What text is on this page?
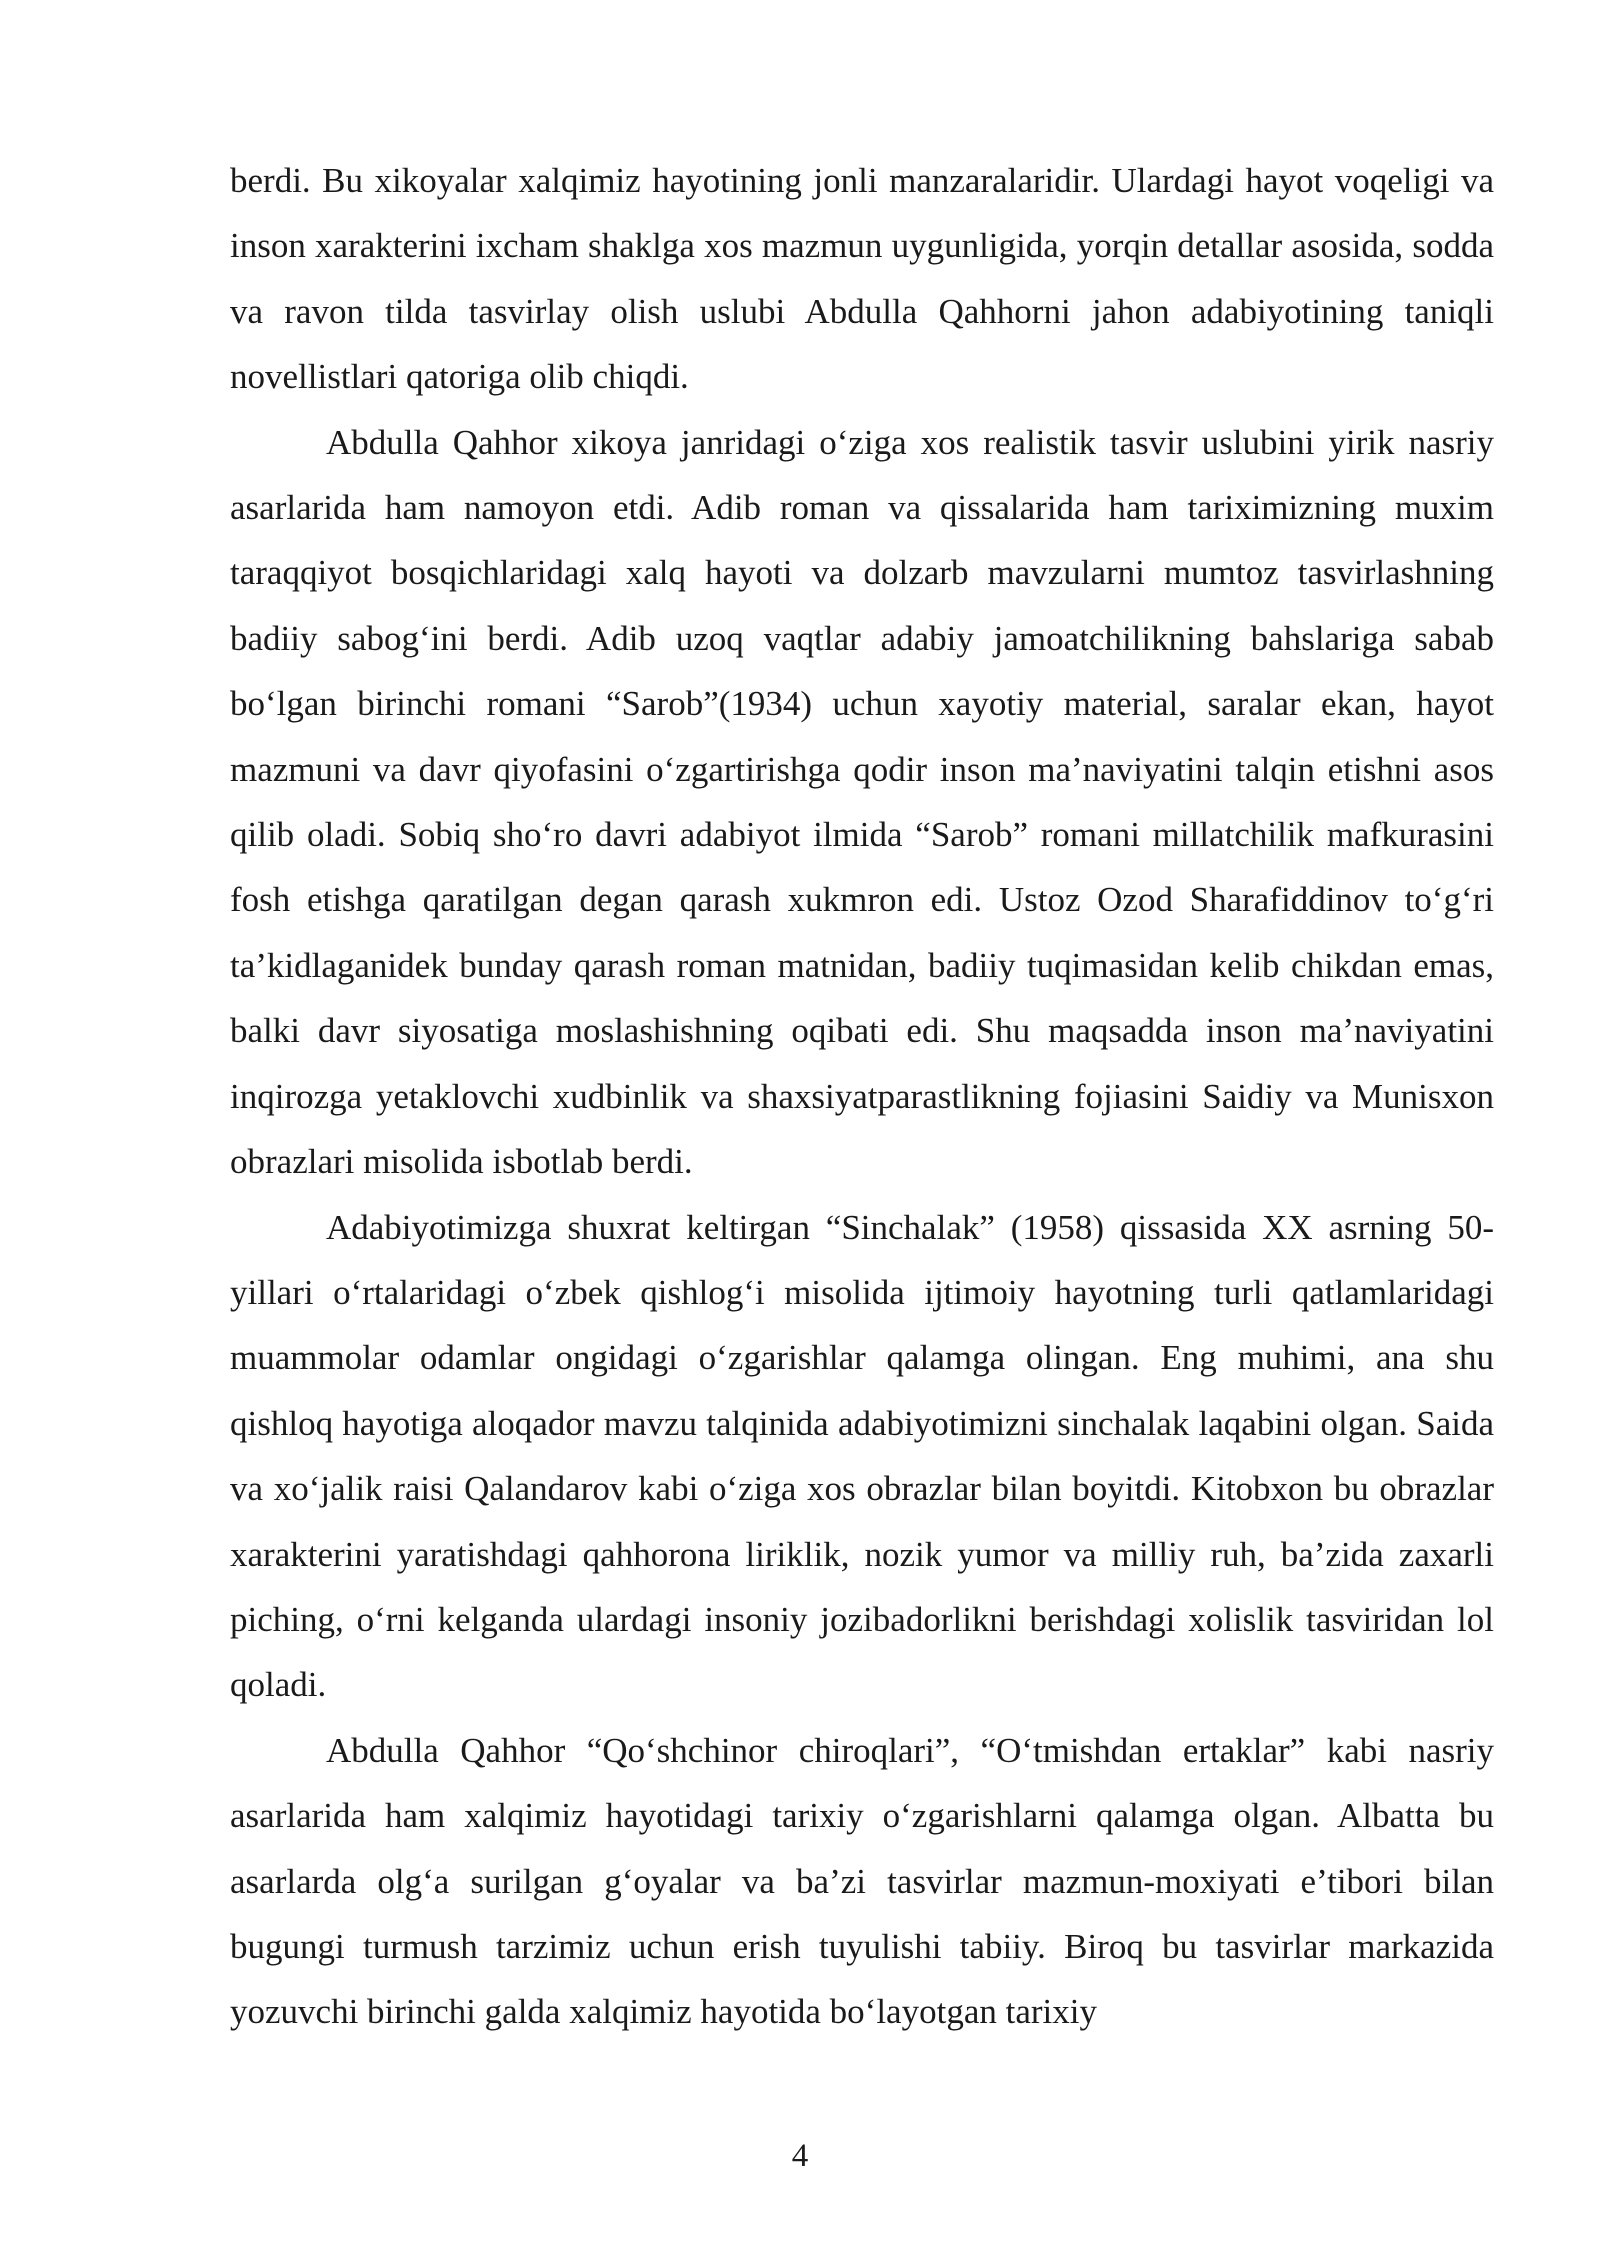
berdi. Bu xikoyalar xalqimiz hayotining jonli manzaralaridir. Ulardagi hayot voqeligi va inson xarakterini ixcham shaklga xos mazmun uygunligida, yorqin detallar asosida, sodda va ravon tilda tasvirlay olish uslubi Abdulla Qahhorni jahon adabiyotining taniqli novellistlari qatoriga olib chiqdi.

Abdulla Qahhor xikoya janridagi o‘ziga xos realistik tasvir uslubini yirik nasriy asarlarida ham namoyon etdi. Adib roman va qissalarida ham tariximizning muxim taraqqiyot bosqichlaridagi xalq hayoti va dolzarb mavzularni mumtoz tasvirlashning badiiy sabog‘ini berdi. Adib uzoq vaqtlar adabiy jamoatchilikning bahslariga sabab bo‘lgan birinchi romani “Sarob”(1934) uchun xayotiy material, saralar ekan, hayot mazmuni va davr qiyofasini o‘zgartirishga qodir inson ma’naviyatini talqin etishni asos qilib oladi. Sobiq sho‘ro davri adabiyot ilmida “Sarob” romani millatchilik mafkurasini fosh etishga qaratilgan degan qarash xukmron edi. Ustoz Ozod Sharafiddinov to‘g‘ri ta’kidlaganidek bunday qarash roman matnidan, badiiy tuqimasidan kelib chikdan emas, balki davr siyosatiga moslashishning oqibati edi. Shu maqsadda inson ma’naviyatini inqirozga yetaklovchi xudbinlik va shaxsiyatparastlikning fojiasini Saidiy va Munisxon obrazlari misolida isbotlab berdi.

Adabiyotimizga shuxrat keltirgan “Sinchalak” (1958) qissasida XX asrning 50-yillari o‘rtalaridagi o‘zbek qishlog‘i misolida ijtimoiy hayotning turli qatlamlaridagi muammolar odamlar ongidagi o‘zgarishlar qalamga olingan. Eng muhimi, ana shu qishloq hayotiga aloqador mavzu talqinida adabiyotimizni sinchalak laqabini olgan. Saida va xo‘jalik raisi Qalandarov kabi o‘ziga xos obrazlar bilan boyitdi. Kitobxon bu obrazlar xarakterini yaratishdagi qahhorona liriklik, nozik yumor va milliy ruh, ba’zida zaxarli piching, o‘rni kelganda ulardagi insoniy jozibadorlikni berishdagi xolislik tasviridan lol qoladi.

Abdulla Qahhor “Qo‘shchinor chiroqlari”, “O‘tmishdan ertaklar” kabi nasriy asarlarida ham xalqimiz hayotidagi tarixiy o‘zgarishlarni qalamga olgan. Albatta bu asarlarda olg‘a surilgan g‘oyalar va ba’zi tasvirlar mazmun-moxiyati e’tibori bilan bugungi turmush tarzimiz uchun erish tuyulishi tabiiy. Biroq bu tasvirlar markazida yozuvchi birinchi galda xalqimiz hayotida bo‘layotgan tarixiy

4
